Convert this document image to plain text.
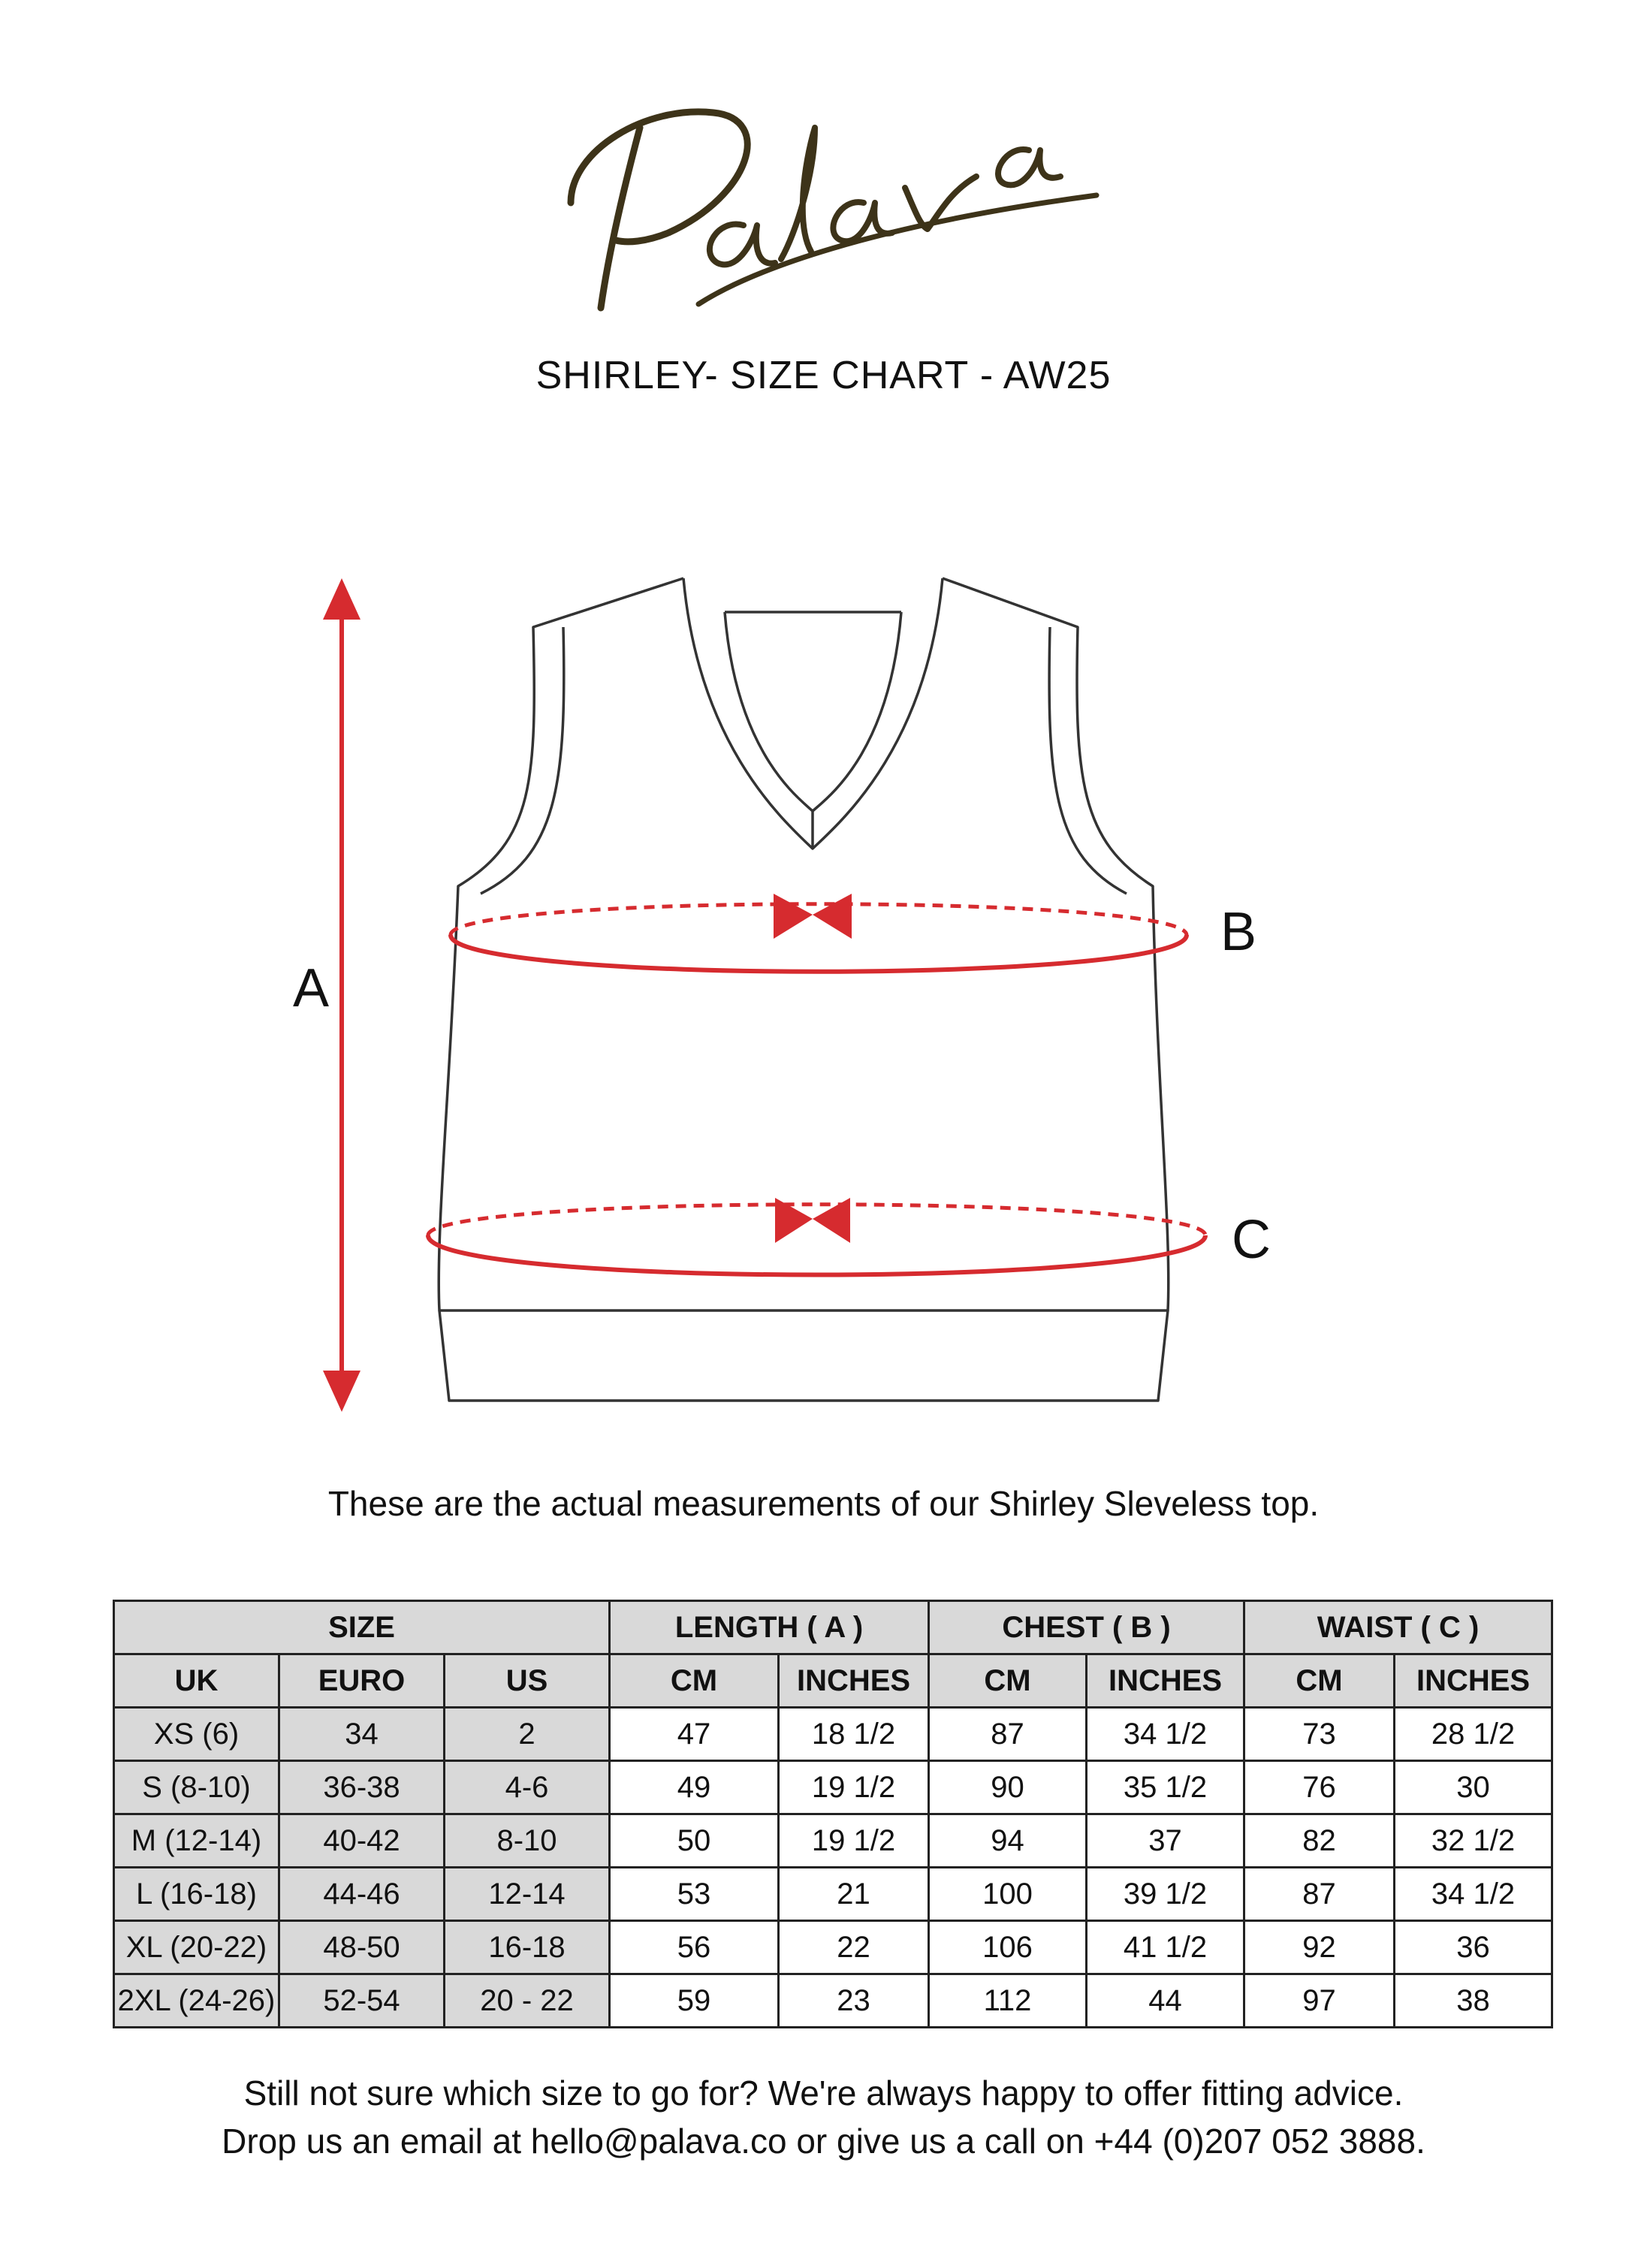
SHIRLEY- SIZE CHART - AW25
A
B
C
These are the actual measurements of our Shirley Sleveless top.
SIZE			LENGTH ( A )		CHEST ( B )		WAIST ( C )	
UK	EURO	US	CM	INCHES	CM	INCHES	CM	INCHES
XS (6)	34	2	47	18 1/2	87	34 1/2	73	28 1/2
S (8-10)	36-38	4-6	49	19 1/2	90	35 1/2	76	30
M (12-14)	40-42	8-10	50	19 1/2	94	37	82	32 1/2
L (16-18)	44-46	12-14	53	21	100	39 1/2	87	34 1/2
XL (20-22)	48-50	16-18	56	22	106	41 1/2	92	36
2XL (24-26)	52-54	20 - 22	59	23	112	44	97	38
Still not sure which size to go for? We're always happy to offer fitting advice.
Drop us an email at hello@palava.co or give us a call on +44 (0)207 052 3888.
